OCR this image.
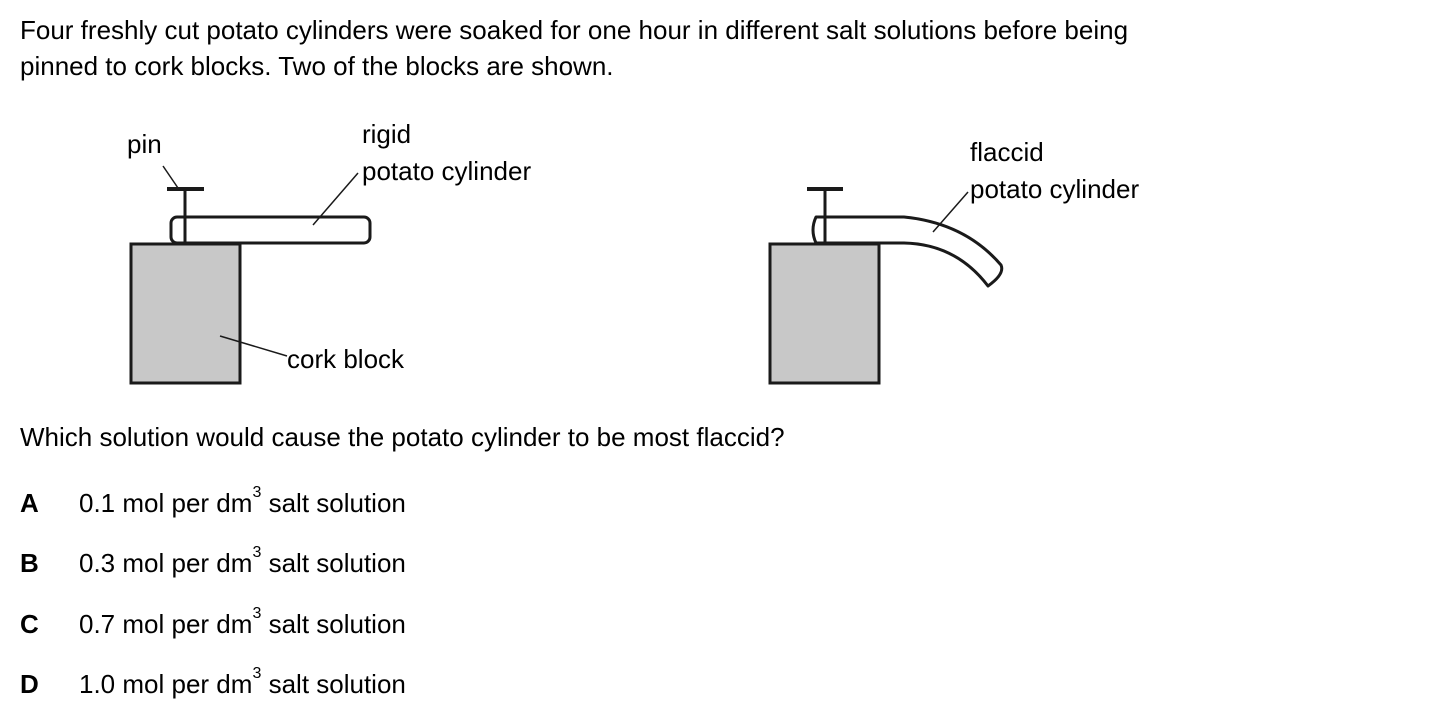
Four freshly cut potato cylinders were soaked for one hour in different salt solutions before being
pinned to cork blocks. Two of the blocks are shown.
pin	rigid
potato cylinder
cork block
flaccid
potato cylinder

Which solution would cause the potato cylinder to be most flaccid?

A 0.1 mol per $dm^3$ salt solution
B 0.3 mol per $dm^3$ salt solution
C 0.7 mol per $dm^3$ salt solution
D 1.0 mol per $dm^3$ salt solution
